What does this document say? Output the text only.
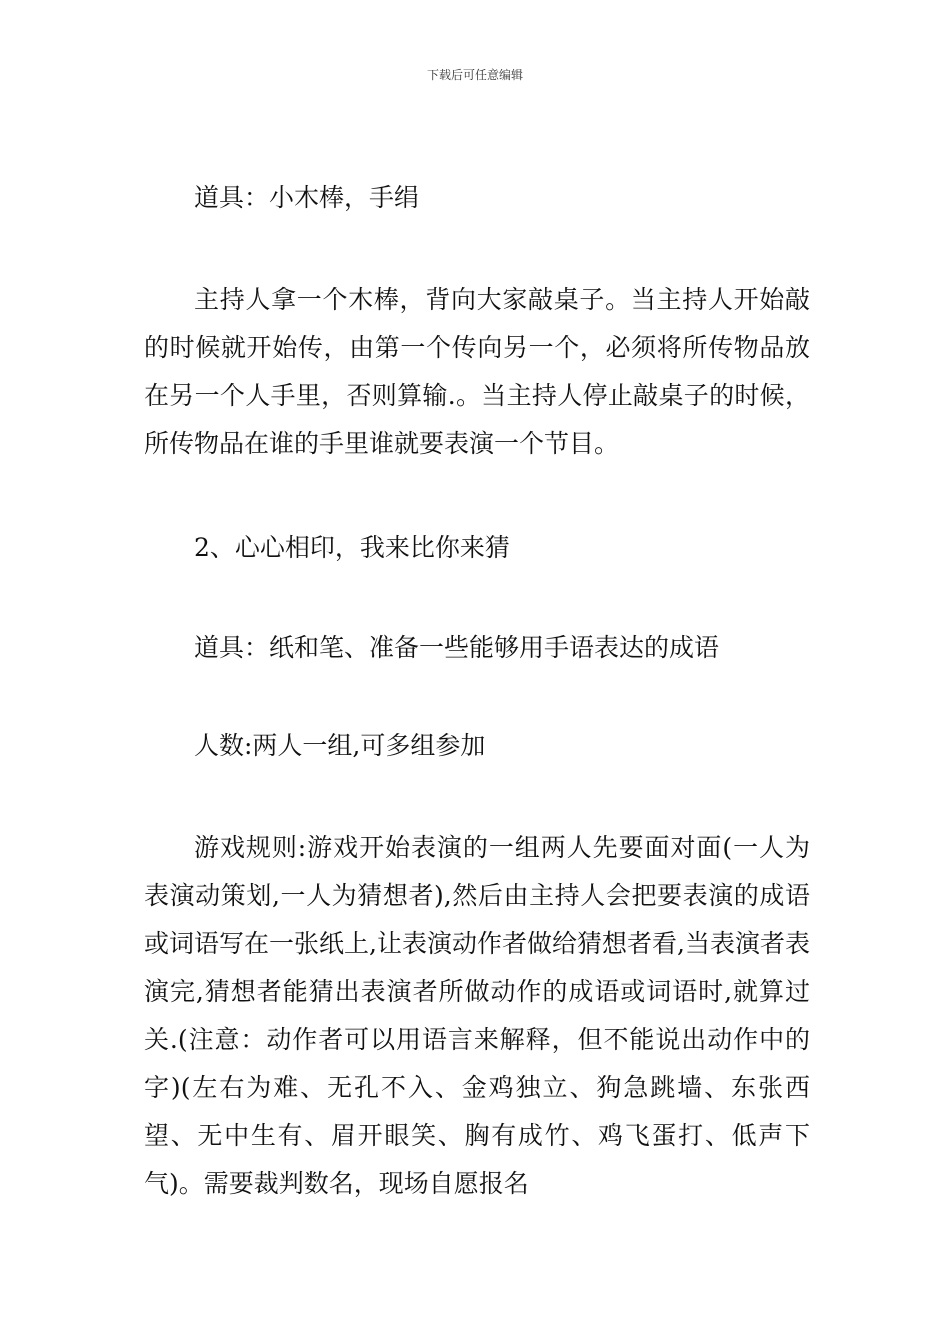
下载后可任意编辑

道具：小木棒，手绢

主持人拿一个木棒，背向大家敲桌子。当主持人开始敲的时候就开始传，由第一个传向另一个，必须将所传物品放在另一个人手里，否则算输.。当主持人停止敲桌子的时候，所传物品在谁的手里谁就要表演一个节目。

2、心心相印，我来比你来猜

道具：纸和笔、准备一些能够用手语表达的成语

人数:两人一组,可多组参加

游戏规则:游戏开始表演的一组两人先要面对面(一人为表演动策划,一人为猜想者),然后由主持人会把要表演的成语或词语写在一张纸上,让表演动作者做给猜想者看,当表演者表演完,猜想者能猜出表演者所做动作的成语或词语时,就算过关.(注意：动作者可以用语言来解释，但不能说出动作中的字)(左右为难、无孔不入、金鸡独立、狗急跳墙、东张西望、无中生有、眉开眼笑、胸有成竹、鸡飞蛋打、低声下气)。需要裁判数名，现场自愿报名
